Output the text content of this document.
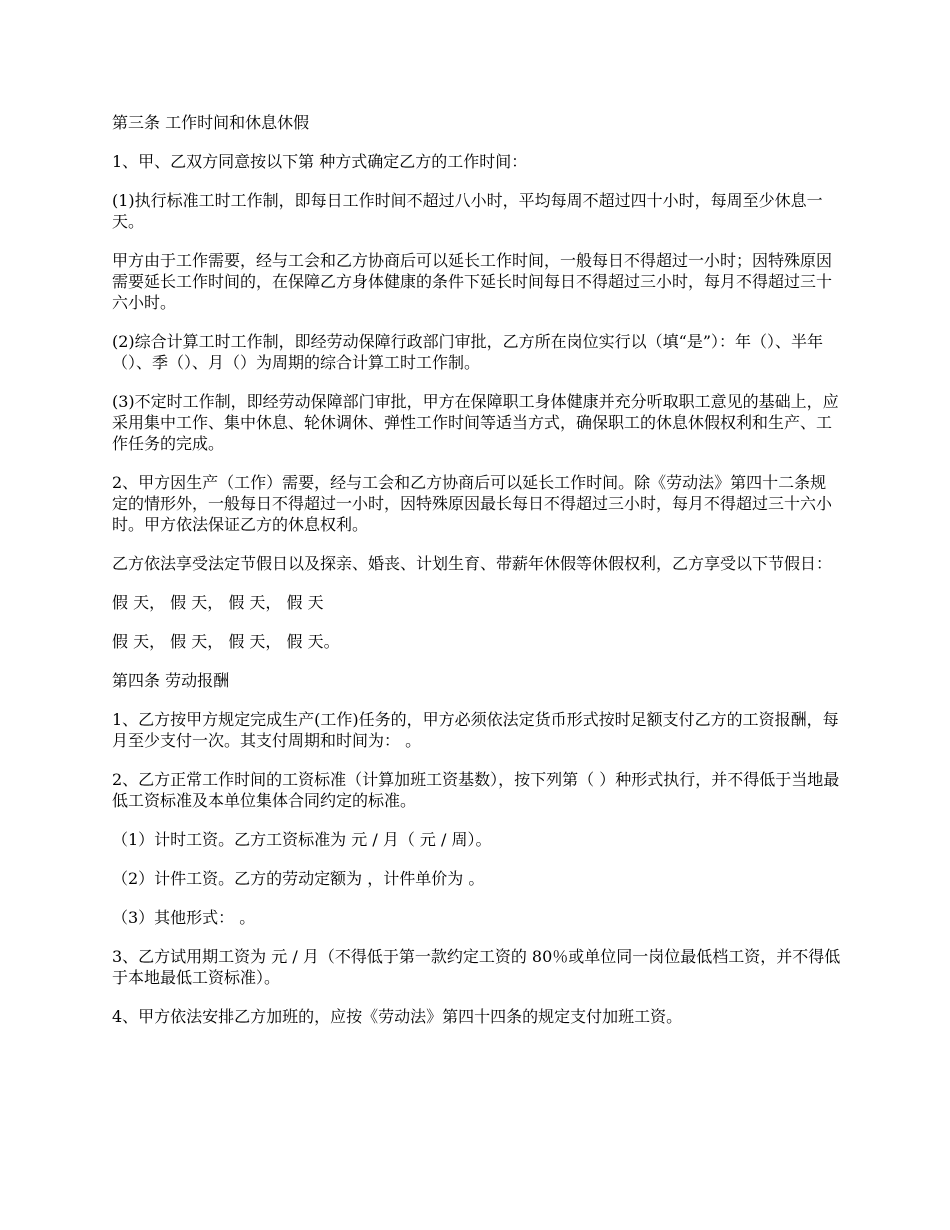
第三条 工作时间和休息休假

1、甲、乙双方同意按以下第 种方式确定乙方的工作时间：

(1)执行标准工时工作制，即每日工作时间不超过八小时，平均每周不超过四十小时，每周至少休息一天。

甲方由于工作需要，经与工会和乙方协商后可以延长工作时间，一般每日不得超过一小时；因特殊原因需要延长工作时间的，在保障乙方身体健康的条件下延长时间每日不得超过三小时，每月不得超过三十六小时。

(2)综合计算工时工作制，即经劳动保障行政部门审批，乙方所在岗位实行以（填“是”）：年（）、半年（）、季（）、月（）为周期的综合计算工时工作制。

(3)不定时工作制，即经劳动保障部门审批，甲方在保障职工身体健康并充分听取职工意见的基础上，应采用集中工作、集中休息、轮休调休、弹性工作时间等适当方式，确保职工的休息休假权利和生产、工作任务的完成。

2、甲方因生产（工作）需要，经与工会和乙方协商后可以延长工作时间。除《劳动法》第四十二条规定的情形外，一般每日不得超过一小时，因特殊原因最长每日不得超过三小时，每月不得超过三十六小时。甲方依法保证乙方的休息权利。

乙方依法享受法定节假日以及探亲、婚丧、计划生育、带薪年休假等休假权利，乙方享受以下节假日：

假 天， 假 天， 假 天， 假 天

假 天， 假 天， 假 天， 假 天。

第四条 劳动报酬

1、乙方按甲方规定完成生产(工作)任务的，甲方必须依法定货币形式按时足额支付乙方的工资报酬，每月至少支付一次。其支付周期和时间为： 。

2、乙方正常工作时间的工资标准（计算加班工资基数），按下列第（ ）种形式执行，并不得低于当地最低工资标准及本单位集体合同约定的标准。

（1）计时工资。乙方工资标准为 元 / 月（ 元 / 周）。

（2）计件工资。乙方的劳动定额为 ，计件单价为 。

（3）其他形式： 。

3、乙方试用期工资为 元 / 月（不得低于第一款约定工资的 80％或单位同一岗位最低档工资，并不得低于本地最低工资标准）。

4、甲方依法安排乙方加班的，应按《劳动法》第四十四条的规定支付加班工资。
